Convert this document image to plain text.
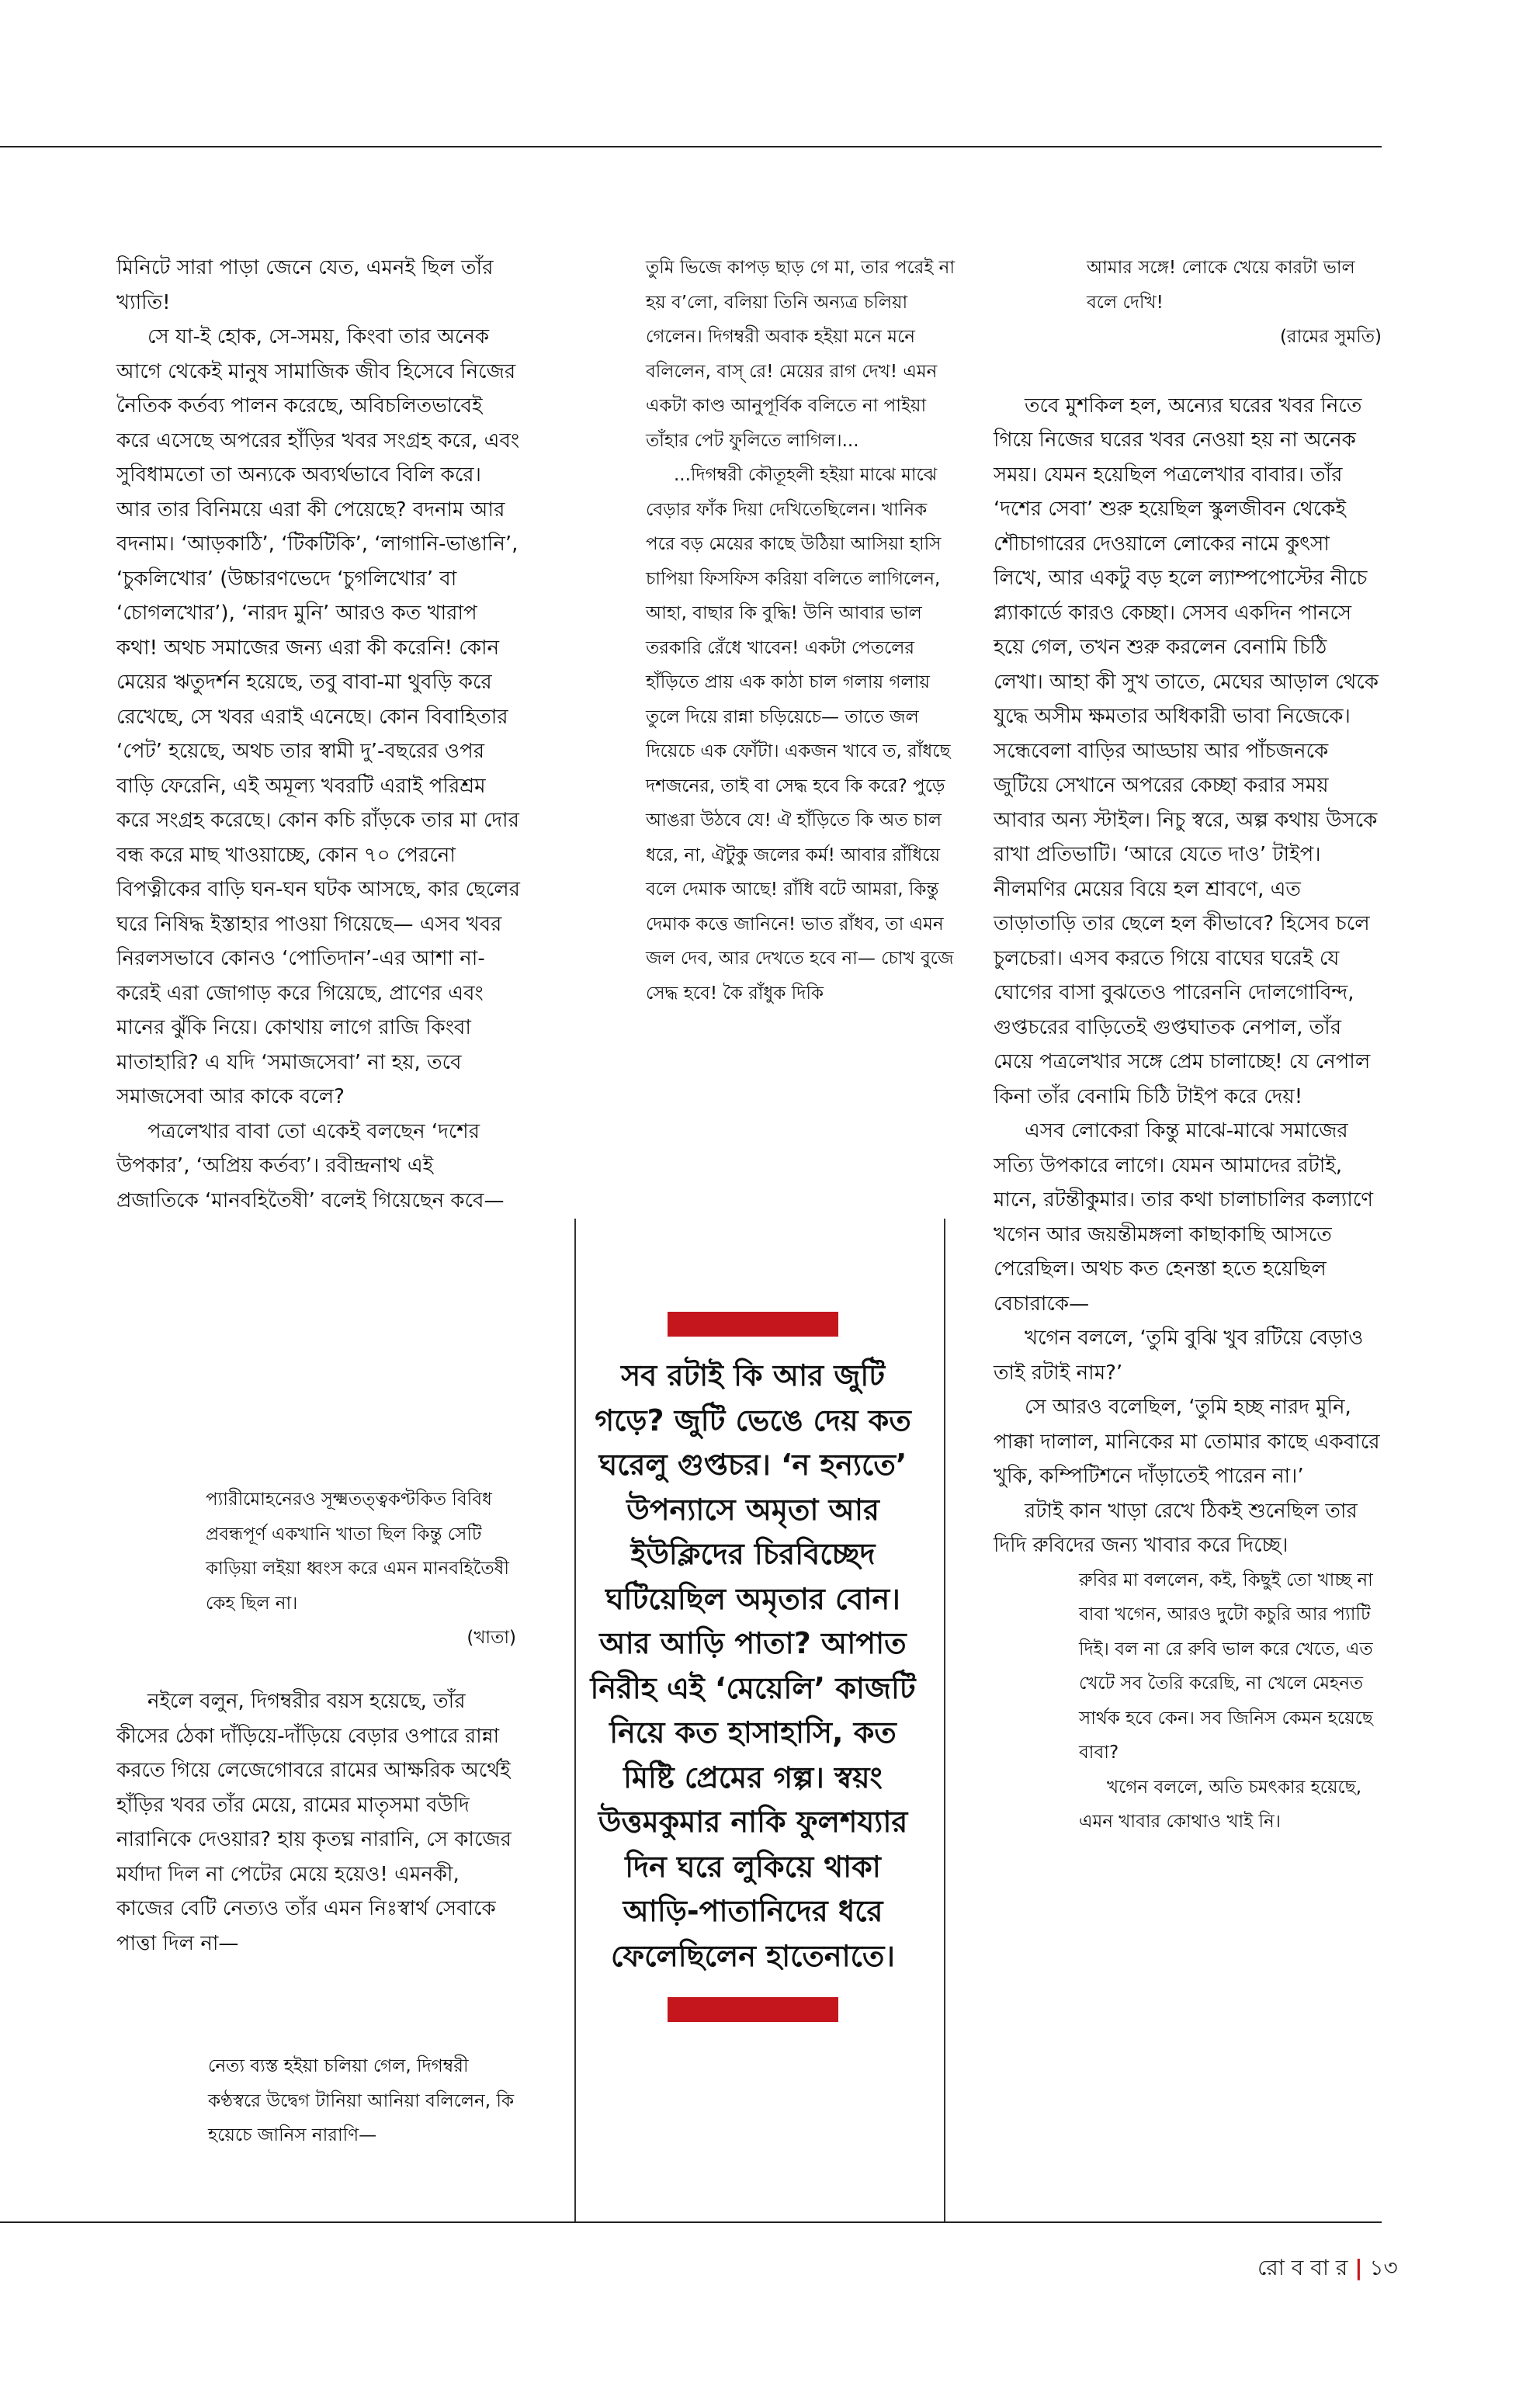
মিনিটে সারা পাড়া জেনে যেত, এমনই ছিল তাঁর খ্যাতি!

সে যা-ই হোক, সে-সময়, কিংবা তার অনেক আগে থেকেই মানুষ সামাজিক জীব হিসেবে নিজের নৈতিক কর্তব্য পালন করেছে, অবিচলিতভাবেই করে এসেছে অপরের হাঁড়ির খবর সংগ্রহ করে, এবং সুবিধামতো তা অন্যকে অব্যর্থভাবে বিলি করে। আর তার বিনিময়ে এরা কী পেয়েছে? বদনাম আর বদনাম। ‘আড়কাঠি’, ‘টিকটিকি’, ‘লাগানি-ভাঙানি’, ‘চুকলিখোর’ (উচ্চারণভেদে ‘চুগলিখোর’ বা ‘চোগলখোর’), ‘নারদ মুনি’ আরও কত খারাপ কথা! অথচ সমাজের জন্য এরা কী করেনি! কোন মেয়ের ঋতুদর্শন হয়েছে, তবু বাবা-মা থুবড়ি করে রেখেছে, সে খবর এরাই এনেছে। কোন বিবাহিতার ‘পেট’ হয়েছে, অথচ তার স্বামী দু’-বছরের ওপর বাড়ি ফেরেনি, এই অমূল্য খবরটি এরাই পরিশ্রম করে সংগ্রহ করেছে। কোন কচি রাঁড়কে তার মা দোর বন্ধ করে মাছ খাওয়াচ্ছে, কোন ৭০ পেরনো বিপত্নীকের বাড়ি ঘন-ঘন ঘটক আসছে, কার ছেলের ঘরে নিষিদ্ধ ইস্তাহার পাওয়া গিয়েছে— এসব খবর নিরলসভাবে কোনও ‘পোতিদান’-এর আশা না-করেই এরা জোগাড় করে গিয়েছে, প্রাণের এবং মানের ঝুঁকি নিয়ে। কোথায় লাগে রাজি কিংবা মাতাহারি? এ যদি ‘সমাজসেবা’ না হয়, তবে সমাজসেবা আর কাকে বলে?

পত্রলেখার বাবা তো একেই বলছেন ‘দশের উপকার’, ‘অপ্রিয় কর্তব্য’। রবীন্দ্রনাথ এই প্রজাতিকে ‘মানবহিতৈষী’ বলেই গিয়েছেন কবে—

প্যারীমোহনেরও সূক্ষ্মতত্ত্বকণ্টকিত বিবিধ প্রবন্ধপূর্ণ একখানি খাতা ছিল কিন্তু সেটি কাড়িয়া লইয়া ধ্বংস করে এমন মানবহিতৈষী কেহ ছিল না।

(খাতা)

নইলে বলুন, দিগম্বরীর বয়স হয়েছে, তাঁর কীসের ঠেকা দাঁড়িয়ে-দাঁড়িয়ে বেড়ার ওপারে রান্না করতে গিয়ে লেজেগোবরে রামের আক্ষরিক অর্থেই হাঁড়ির খবর তাঁর মেয়ে, রামের মাতৃসমা বউদি নারানিকে দেওয়ার? হায় কৃতঘ্ন নারানি, সে কাজের মর্যাদা দিল না পেটের মেয়ে হয়েও! এমনকী, কাজের বেটি নেত্যও তাঁর এমন নিঃস্বার্থ সেবাকে পাত্তা দিল না—

নেত্য ব্যস্ত হইয়া চলিয়া গেল, দিগম্বরী কণ্ঠস্বরে উদ্বেগ টানিয়া আনিয়া বলিলেন, কি হয়েচে জানিস নারাণি—

তুমি ভিজে কাপড় ছাড় গে মা, তার পরেই না হয় ব’লো, বলিয়া তিনি অন্যত্র চলিয়া গেলেন। দিগম্বরী অবাক হইয়া মনে মনে বলিলেন, বাস্ রে! মেয়ের রাগ দেখ! এমন একটা কাণ্ড আনুপূর্বিক বলিতে না পাইয়া তাঁহার পেট ফুলিতে লাগিল।...

...দিগম্বরী কৌতূহলী হইয়া মাঝে মাঝে বেড়ার ফাঁক দিয়া দেখিতেছিলেন। খানিক পরে বড় মেয়ের কাছে উঠিয়া আসিয়া হাসি চাপিয়া ফিসফিস করিয়া বলিতে লাগিলেন, আহা, বাছার কি বুদ্ধি! উনি আবার ভাল তরকারি রেঁধে খাবেন! একটা পেতলের হাঁড়িতে প্রায় এক কাঠা চাল গলায় গলায় তুলে দিয়ে রান্না চড়িয়েচে— তাতে জল দিয়েচে এক ফোঁটা। একজন খাবে ত, রাঁধছে দশজনের, তাই বা সেদ্ধ হবে কি করে? পুড়ে আঙরা উঠবে যে! ঐ হাঁড়িতে কি অত চাল ধরে, না, ঐটুকু জলের কর্ম! আবার রাঁধিয়ে বলে দেমাক আছে! রাঁধি বটে আমরা, কিন্তু দেমাক কত্তে জানিনে! ভাত রাঁধব, তা এমন জল দেব, আর দেখতে হবে না— চোখ বুজে সেদ্ধ হবে! কৈ রাঁধুক দিকি

সব রটাই কি আর জুটি গড়ে? জুটি ভেঙে দেয় কত ঘরেলু গুপ্তচর। ‘ন হন্যতে’ উপন্যাসে অমৃতা আর ইউক্লিদের চিরবিচ্ছেদ ঘটিয়েছিল অমৃতার বোন। আর আড়ি পাতা? আপাত নিরীহ এই ‘মেয়েলি’ কাজটি নিয়ে কত হাসাহাসি, কত মিষ্টি প্রেমের গল্প। স্বয়ং উত্তমকুমার নাকি ফুলশয্যার দিন ঘরে লুকিয়ে থাকা আড়ি-পাতানিদের ধরে ফেলেছিলেন হাতেনাতে।

আমার সঙ্গে! লোকে খেয়ে কারটা ভাল বলে দেখি!

(রামের সুমতি)

তবে মুশকিল হল, অন্যের ঘরের খবর নিতে গিয়ে নিজের ঘরের খবর নেওয়া হয় না অনেক সময়। যেমন হয়েছিল পত্রলেখার বাবার। তাঁর ‘দশের সেবা’ শুরু হয়েছিল স্কুলজীবন থেকেই শৌচাগারের দেওয়ালে লোকের নামে কুৎসা লিখে, আর একটু বড় হলে ল্যাম্পপোস্টের নীচে প্ল্যাকার্ডে কারও কেচ্ছা। সেসব একদিন পানসে হয়ে গেল, তখন শুরু করলেন বেনামি চিঠি লেখা। আহা কী সুখ তাতে, মেঘের আড়াল থেকে যুদ্ধে অসীম ক্ষমতার অধিকারী ভাবা নিজেকে। সন্ধেবেলা বাড়ির আড্ডায় আর পাঁচজনকে জুটিয়ে সেখানে অপরের কেচ্ছা করার সময় আবার অন্য স্টাইল। নিচু স্বরে, অল্প কথায় উসকে রাখা প্রতিভাটি। ‘আরে যেতে দাও’ টাইপ। নীলমণির মেয়ের বিয়ে হল শ্রাবণে, এত তাড়াতাড়ি তার ছেলে হল কীভাবে? হিসেব চলে চুলচেরা। এসব করতে গিয়ে বাঘের ঘরেই যে ঘোগের বাসা বুঝতেও পারেননি দোলগোবিন্দ, গুপ্তচরের বাড়িতেই গুপ্তঘাতক নেপাল, তাঁর মেয়ে পত্রলেখার সঙ্গে প্রেম চালাচ্ছে! যে নেপাল কিনা তাঁর বেনামি চিঠি টাইপ করে দেয়!

এসব লোকেরা কিন্তু মাঝে-মাঝে সমাজের সত্যি উপকারে লাগে। যেমন আমাদের রটাই, মানে, রটন্তীকুমার। তার কথা চালাচালির কল্যাণে খগেন আর জয়ন্তীমঙ্গলা কাছাকাছি আসতে পেরেছিল। অথচ কত হেনস্তা হতে হয়েছিল বেচারাকে—

খগেন বললে, ‘তুমি বুঝি খুব রটিয়ে বেড়াও তাই রটাই নাম?’

সে আরও বলেছিল, ‘তুমি হচ্ছ নারদ মুনি, পাক্কা দালাল, মানিকের মা তোমার কাছে একবারে খুকি, কম্পিটিশনে দাঁড়াতেই পারেন না।’

রটাই কান খাড়া রেখে ঠিকই শুনেছিল তার দিদি রুবিদের জন্য খাবার করে দিচ্ছে।

রুবির মা বললেন, কই, কিছুই তো খাচ্ছ না বাবা খগেন, আরও দুটো কচুরি আর প্যাটি দিই। বল না রে রুবি ভাল করে খেতে, এত খেটে সব তৈরি করেছি, না খেলে মেহনত সার্থক হবে কেন। সব জিনিস কেমন হয়েছে বাবা?

খগেন বললে, অতি চমৎকার হয়েছে, এমন খাবার কোথাও খাই নি।

রো ব বা র | ১৩
